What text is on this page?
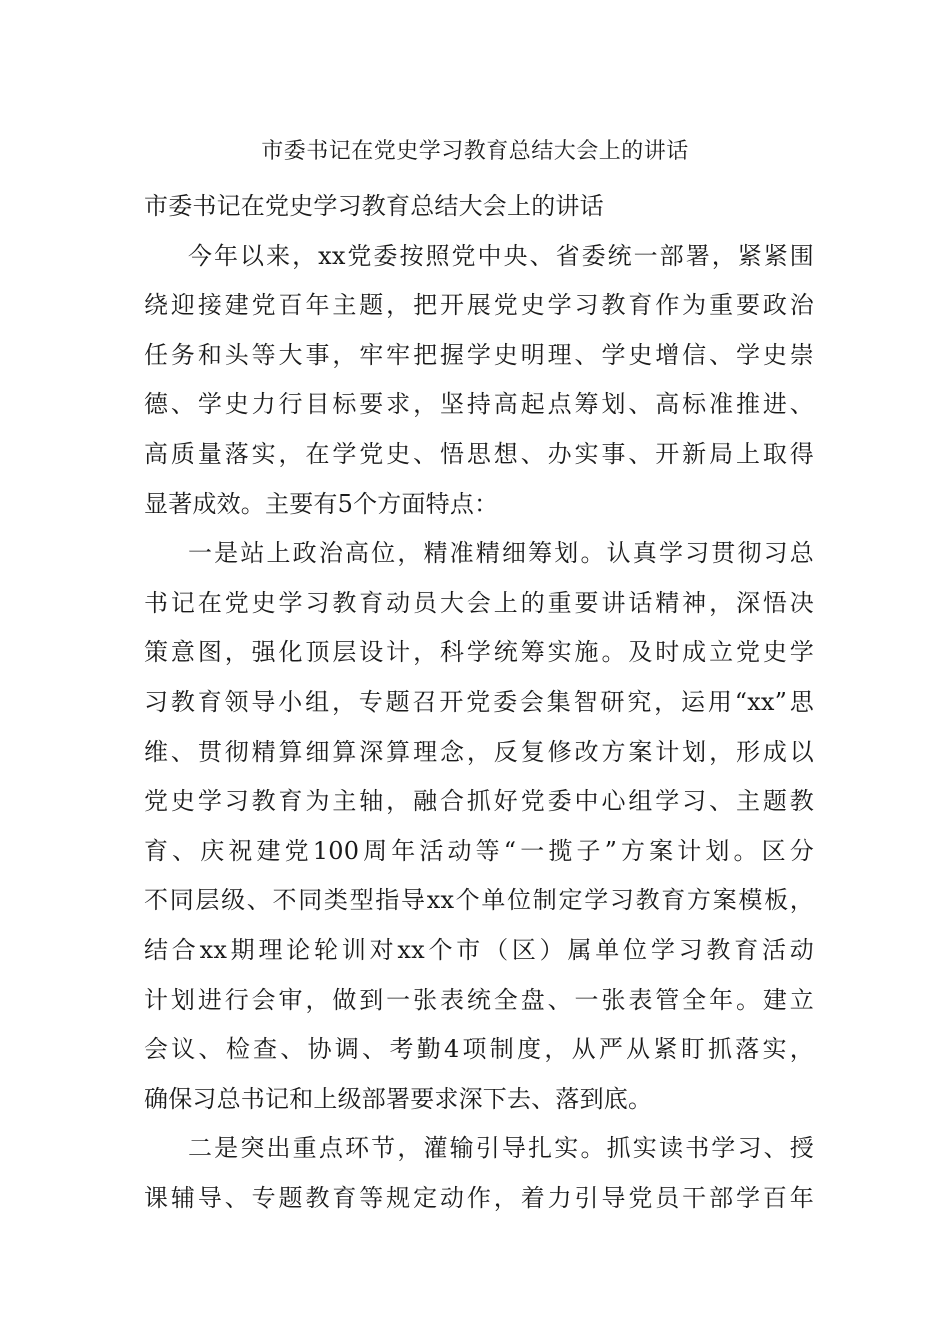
市委书记在党史学习教育总结大会上的讲话
市委书记在党史学习教育总结大会上的讲话
今年以来，xx党委按照党中央、省委统一部署，紧紧围
绕迎接建党百年主题，把开展党史学习教育作为重要政治
任务和头等大事，牢牢把握学史明理、学史增信、学史崇
德、学史力行目标要求，坚持高起点筹划、高标准推进、
高质量落实，在学党史、悟思想、办实事、开新局上取得
显著成效。主要有5个方面特点：
一是站上政治高位，精准精细筹划。认真学习贯彻习总
书记在党史学习教育动员大会上的重要讲话精神，深悟决
策意图，强化顶层设计，科学统筹实施。及时成立党史学
习教育领导小组，专题召开党委会集智研究，运用“xx”思
维、贯彻精算细算深算理念，反复修改方案计划，形成以
党史学习教育为主轴，融合抓好党委中心组学习、主题教
育、庆祝建党100周年活动等“一揽子”方案计划。区分
不同层级、不同类型指导xx个单位制定学习教育方案模板，
结合xx期理论轮训对xx个市（区）属单位学习教育活动
计划进行会审，做到一张表统全盘、一张表管全年。建立
会议、检查、协调、考勤4项制度，从严从紧盯抓落实，
确保习总书记和上级部署要求深下去、落到底。
二是突出重点环节，灌输引导扎实。抓实读书学习、授
课辅导、专题教育等规定动作，着力引导党员干部学百年
